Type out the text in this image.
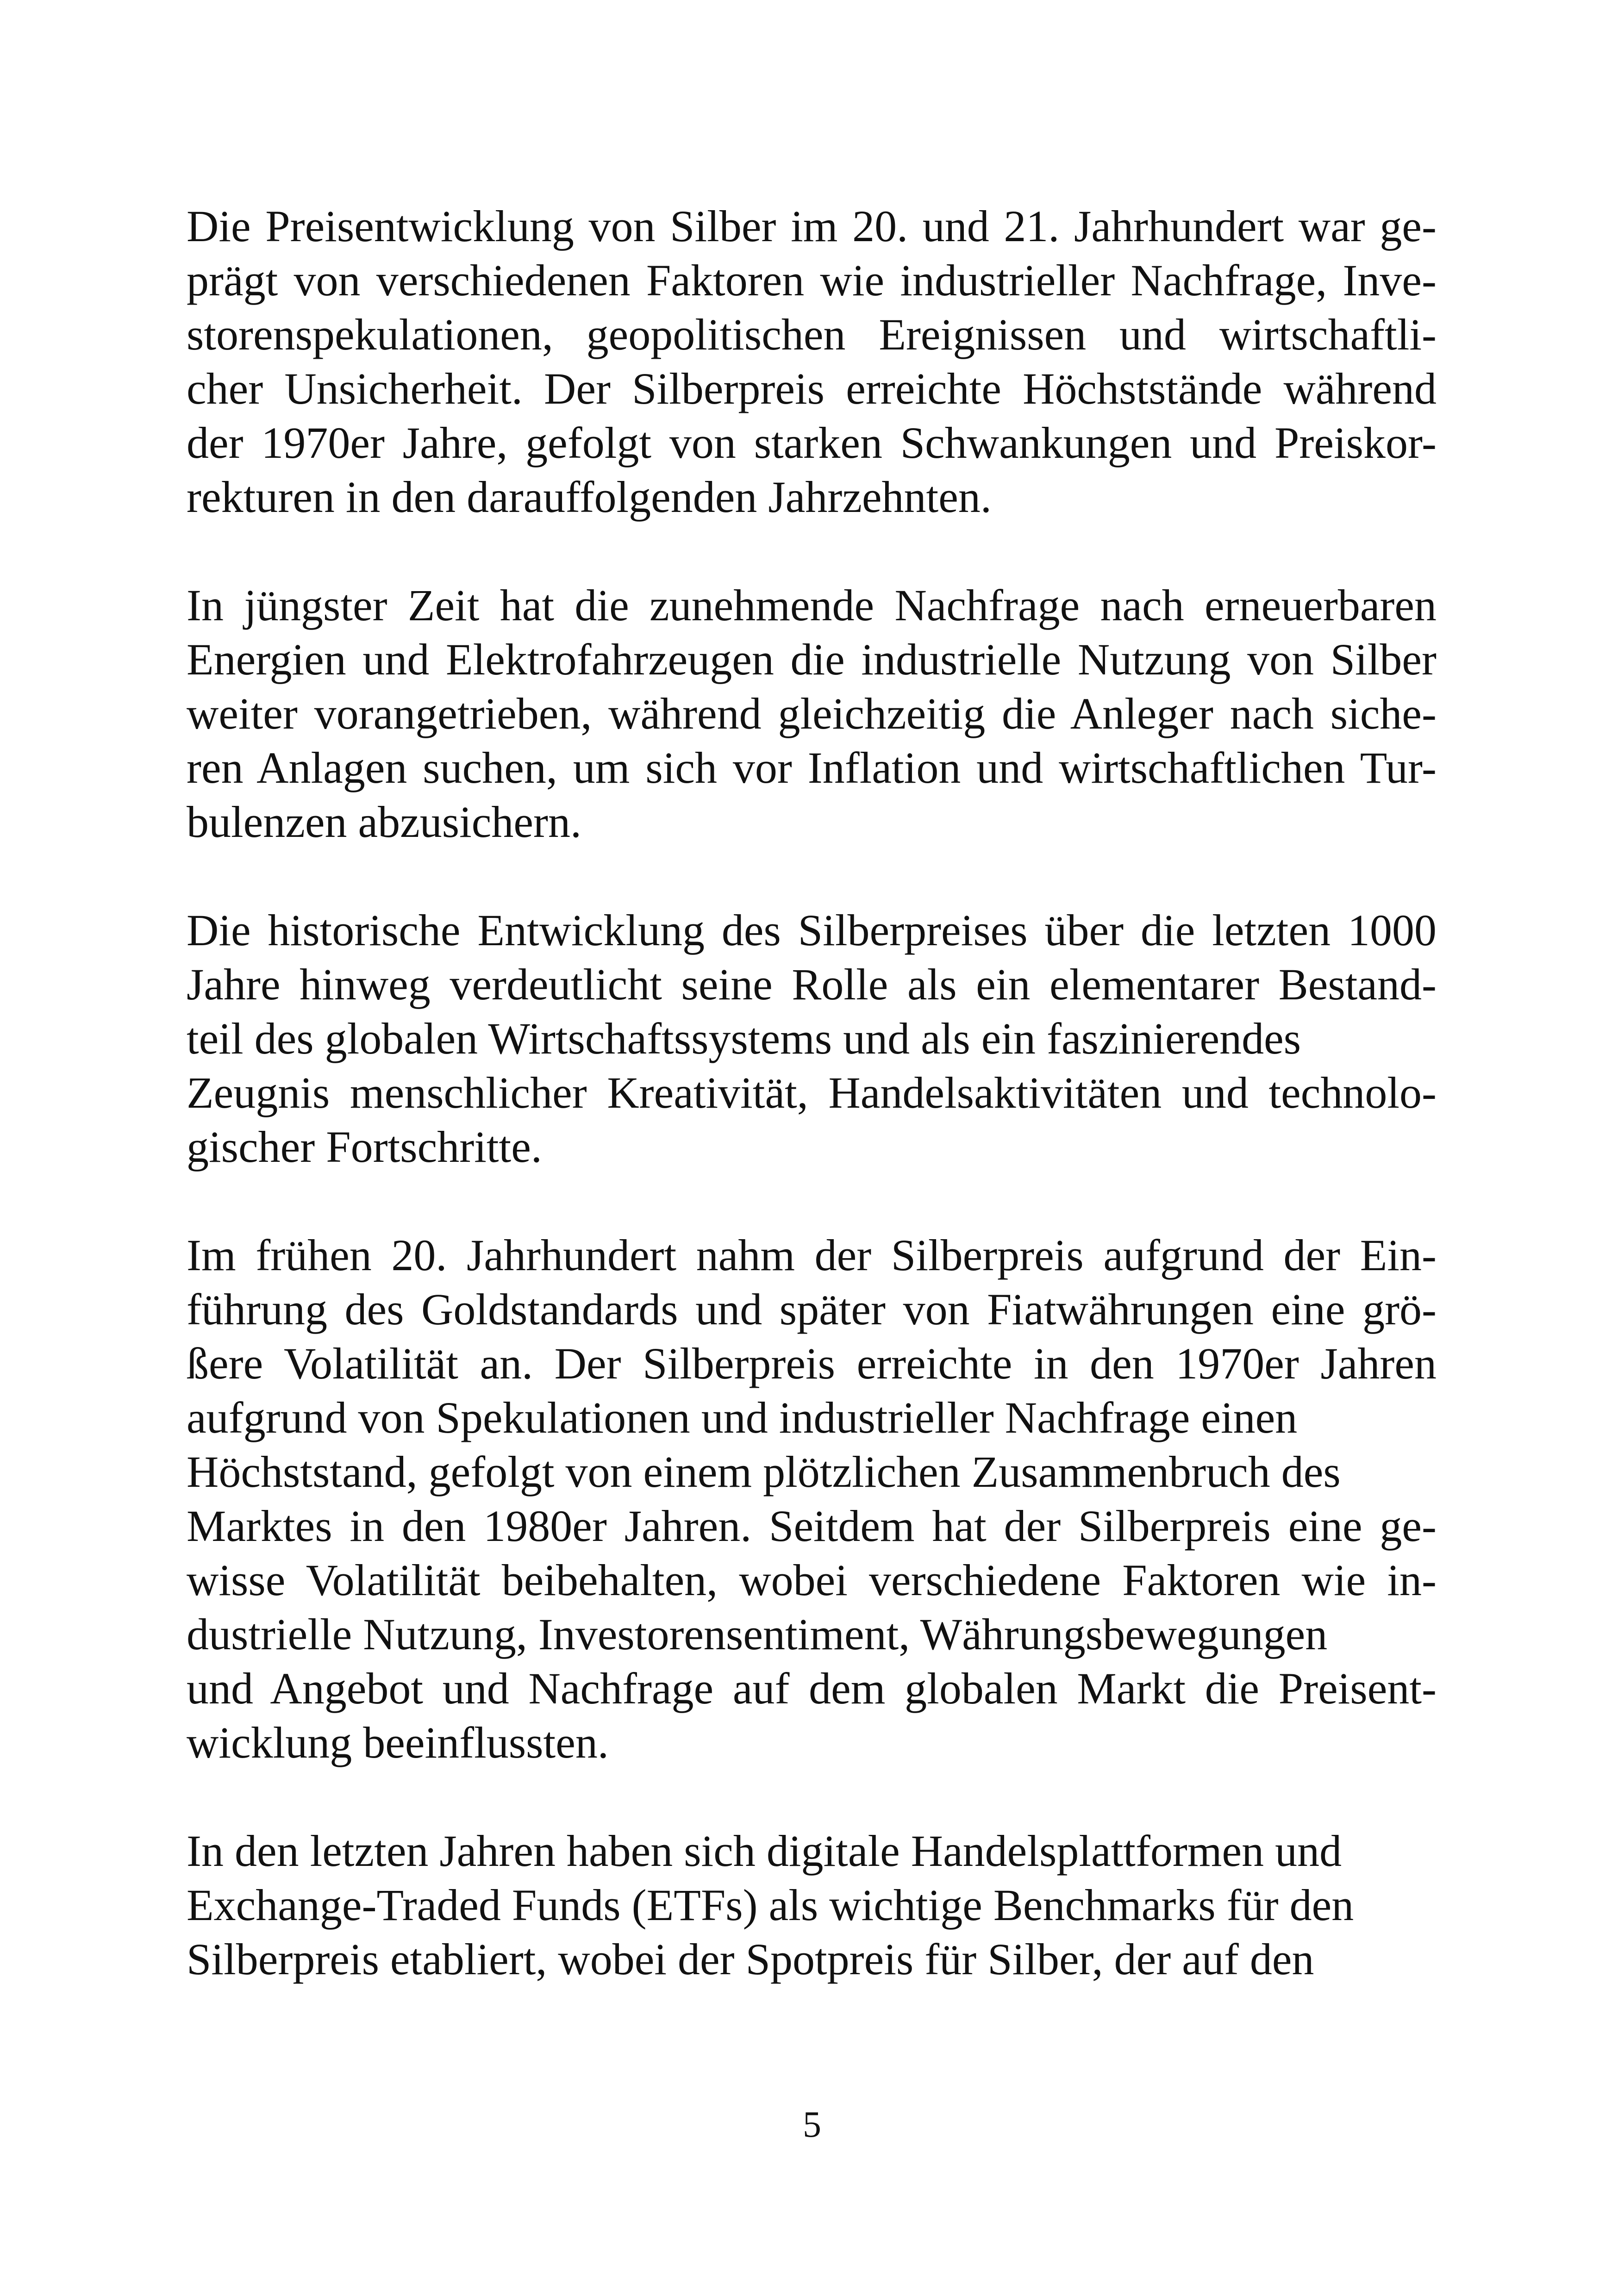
Die Preisentwicklung von Silber im 20. und 21. Jahrhundert war ge-
prägt von verschiedenen Faktoren wie industrieller Nachfrage, Inve-
storenspekulationen, geopolitischen Ereignissen und wirtschaftli-
cher Unsicherheit. Der Silberpreis erreichte Höchststände während
der 1970er Jahre, gefolgt von starken Schwankungen und Preiskor-
rekturen in den darauffolgenden Jahrzehnten.

In jüngster Zeit hat die zunehmende Nachfrage nach erneuerbaren
Energien und Elektrofahrzeugen die industrielle Nutzung von Silber
weiter vorangetrieben, während gleichzeitig die Anleger nach siche-
ren Anlagen suchen, um sich vor Inflation und wirtschaftlichen Tur-
bulenzen abzusichern.

Die historische Entwicklung des Silberpreises über die letzten 1000
Jahre hinweg verdeutlicht seine Rolle als ein elementarer Bestand-
teil des globalen Wirtschaftssystems und als ein faszinierendes
Zeugnis menschlicher Kreativität, Handelsaktivitäten und technolo-
gischer Fortschritte.

Im frühen 20. Jahrhundert nahm der Silberpreis aufgrund der Ein-
führung des Goldstandards und später von Fiatwährungen eine grö-
ßere Volatilität an. Der Silberpreis erreichte in den 1970er Jahren
aufgrund von Spekulationen und industrieller Nachfrage einen
Höchststand, gefolgt von einem plötzlichen Zusammenbruch des
Marktes in den 1980er Jahren. Seitdem hat der Silberpreis eine ge-
wisse Volatilität beibehalten, wobei verschiedene Faktoren wie in-
dustrielle Nutzung, Investorensentiment, Währungsbewegungen
und Angebot und Nachfrage auf dem globalen Markt die Preisent-
wicklung beeinflussten.

In den letzten Jahren haben sich digitale Handelsplattformen und
Exchange-Traded Funds (ETFs) als wichtige Benchmarks für den
Silberpreis etabliert, wobei der Spotpreis für Silber, der auf den

5
